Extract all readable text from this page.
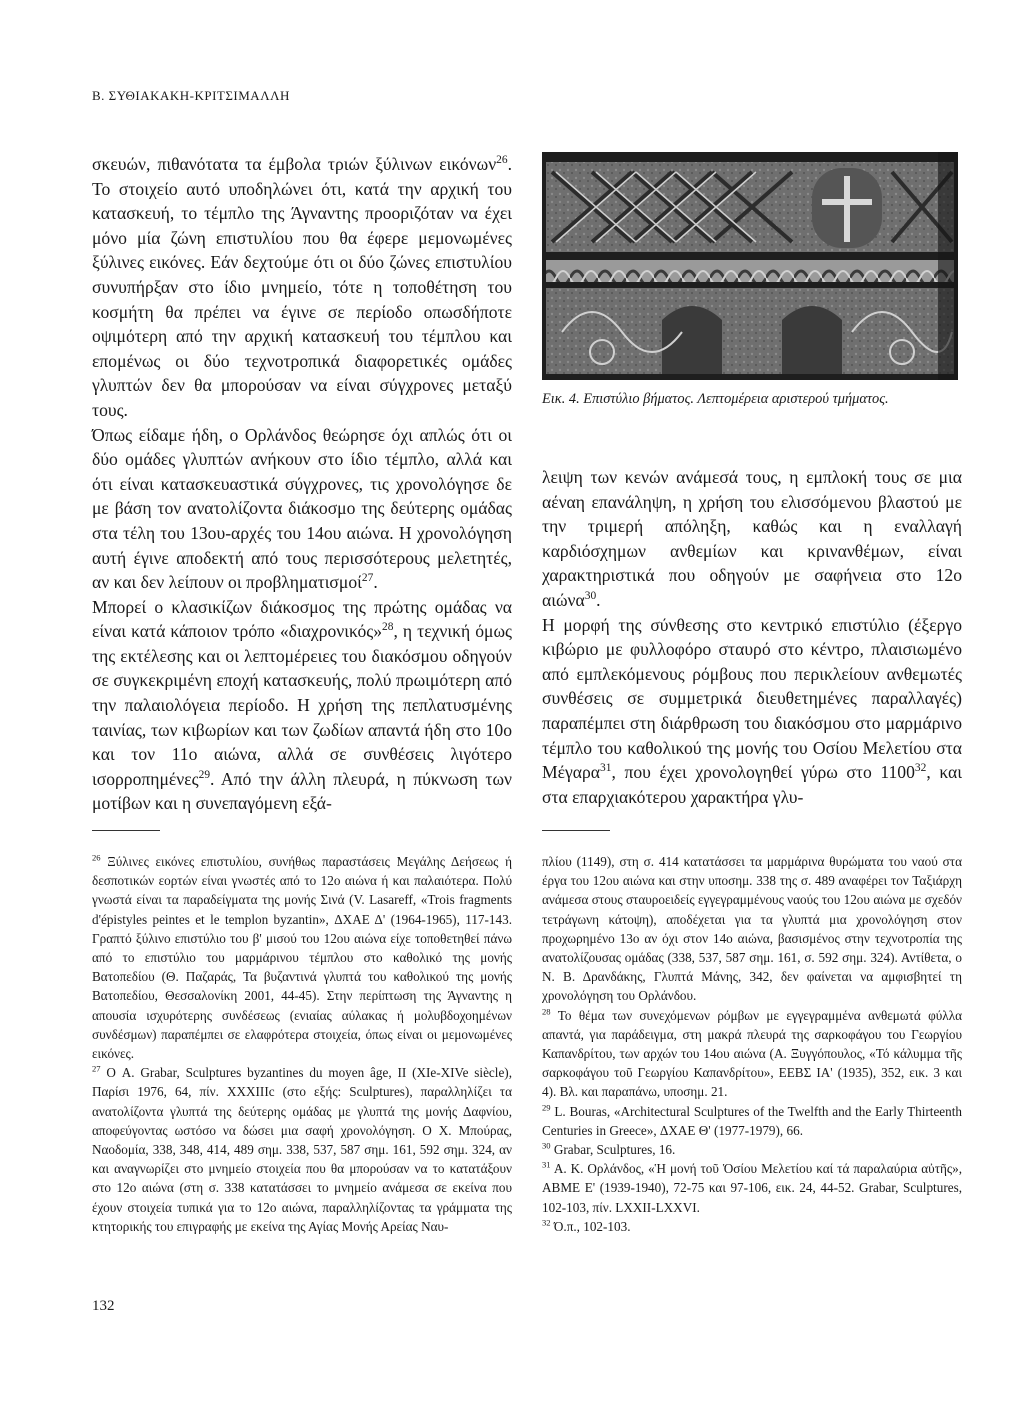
Β. ΣΥΘΙΑΚΑΚΗ-ΚΡΙΤΣΙΜΑΛΛΗ

σκευών, πιθανότατα τα έμβολα τριών ξύλινων εικόνων$^{26}$. Το στοιχείο αυτό υποδηλώνει ότι, κατά την αρχική του κατασκευή, το τέμπλο της Άγναντης προοριζόταν να έχει μόνο μία ζώνη επιστυλίου που θα έφερε μεμονωμένες ξύλινες εικόνες. Εάν δεχτούμε ότι οι δύο ζώνες επιστυλίου συνυπήρξαν στο ίδιο μνημείο, τότε η τοποθέτηση του κοσμήτη θα πρέπει να έγινε σε περίοδο οπωσδήποτε οψιμότερη από την αρχική κατασκευή του τέμπλου και επομένως οι δύο τεχνοτροπικά διαφορετικές ομάδες γλυπτών δεν θα μπορούσαν να είναι σύγχρονες μεταξύ τους.

Όπως είδαμε ήδη, ο Ορλάνδος θεώρησε όχι απλώς ότι οι δύο ομάδες γλυπτών ανήκουν στο ίδιο τέμπλο, αλλά και ότι είναι κατασκευαστικά σύγχρονες, τις χρονολόγησε δε με βάση τον ανατολίζοντα διάκοσμο της δεύτερης ομάδας στα τέλη του 13ου-αρχές του 14ου αιώνα. Η χρονολόγηση αυτή έγινε αποδεκτή από τους περισσότερους μελετητές, αν και δεν λείπουν οι προβληματισμοί$^{27}$.

Μπορεί ο κλασικίζων διάκοσμος της πρώτης ομάδας να είναι κατά κάποιον τρόπο «διαχρονικός»$^{28}$, η τεχνική όμως της εκτέλεσης και οι λεπτομέρειες του διακόσμου οδηγούν σε συγκεκριμένη εποχή κατασκευής, πολύ πρωιμότερη από την παλαιολόγεια περίοδο. Η χρήση της πεπλατυσμένης ταινίας, των κιβωρίων και των ζωδίων απαντά ήδη στο 10ο και τον 11ο αιώνα, αλλά σε συνθέσεις λιγότερο ισορροπημένες$^{29}$. Από την άλλη πλευρά, η πύκνωση των μοτίβων και η συνεπαγόμενη εξά-

Εικ. 4. Επιστύλιο βήματος. Λεπτομέρεια αριστερού τμήματος.

λειψη των κενών ανάμεσά τους, η εμπλοκή τους σε μια αέναη επανάληψη, η χρήση του ελισσόμενου βλαστού με την τριμερή απόληξη, καθώς και η εναλλαγή καρδιόσχημων ανθεμίων και κρινανθέμων, είναι χαρακτηριστικά που οδηγούν με σαφήνεια στο 12ο αιώνα$^{30}$.

Η μορφή της σύνθεσης στο κεντρικό επιστύλιο (έξεργο κιβώριο με φυλλοφόρο σταυρό στο κέντρο, πλαισιωμένο από εμπλεκόμενους ρόμβους που περικλείουν ανθεμωτές συνθέσεις σε συμμετρικά διευθετημένες παραλλαγές) παραπέμπει στη διάρθρωση του διακόσμου στο μαρμάρινο τέμπλο του καθολικού της μονής του Οσίου Μελετίου στα Μέγαρα$^{31}$, που έχει χρονολογηθεί γύρω στο 1100$^{32}$, και στα επαρχιακότερου χαρακτήρα γλυ-

$^{26}$ Ξύλινες εικόνες επιστυλίου, συνήθως παραστάσεις Μεγάλης Δεήσεως ή δεσποτικών εορτών είναι γνωστές από το 12ο αιώνα ή και παλαιότερα. Πολύ γνωστά είναι τα παραδείγματα της μονής Σινά (V. Lasareff, «Trois fragments d'épistyles peintes et le templon byzantin», ΔΧΑΕ Δ' (1964-1965), 117-143. Γραπτό ξύλινο επιστύλιο του β' μισού του 12ου αιώνα είχε τοποθετηθεί πάνω από το επιστύλιο του μαρμάρινου τέμπλου στο καθολικό της μονής Βατοπεδίου (Θ. Παζαράς, Τα βυζαντινά γλυπτά του καθολικού της μονής Βατοπεδίου, Θεσσαλονίκη 2001, 44-45). Στην περίπτωση της Άγναντης η απουσία ισχυρότερης συνδέσεως (ενιαίας αύλακας ή μολυβδοχοημένων συνδέσμων) παραπέμπει σε ελαφρότερα στοιχεία, όπως είναι οι μεμονωμένες εικόνες.

$^{27}$ Ο A. Grabar, Sculptures byzantines du moyen âge, II (XIe-XIVe siècle), Παρίσι 1976, 64, πίν. XXXIIIc (στο εξής: Sculptures), παραλληλίζει τα ανατολίζοντα γλυπτά της δεύτερης ομάδας με γλυπτά της μονής Δαφνίου, αποφεύγοντας ωστόσο να δώσει μια σαφή χρονολόγηση. Ο Χ. Μπούρας, Ναοδομία, 338, 348, 414, 489 σημ. 338, 537, 587 σημ. 161, 592 σημ. 324, αν και αναγνωρίζει στο μνημείο στοιχεία που θα μπορούσαν να το κατατάξουν στο 12ο αιώνα (στη σ. 338 κατατάσσει το μνημείο ανάμεσα σε εκείνα που έχουν στοιχεία τυπικά για το 12ο αιώνα, παραλληλίζοντας τα γράμματα της κτητορικής του επιγραφής με εκείνα της Αγίας Μονής Αρείας Ναυ-

πλίου (1149), στη σ. 414 κατατάσσει τα μαρμάρινα θυρώματα του ναού στα έργα του 12ου αιώνα και στην υποσημ. 338 της σ. 489 αναφέρει τον Ταξιάρχη ανάμεσα στους σταυροειδείς εγγεγραμμένους ναούς του 12ου αιώνα με σχεδόν τετράγωνη κάτοψη), αποδέχεται για τα γλυπτά μια χρονολόγηση στον προχωρημένο 13ο αν όχι στον 14ο αιώνα, βασισμένος στην τεχνοτροπία της ανατολίζουσας ομάδας (338, 537, 587 σημ. 161, σ. 592 σημ. 324). Αντίθετα, ο Ν. Β. Δρανδάκης, Γλυπτά Μάνης, 342, δεν φαίνεται να αμφισβητεί τη χρονολόγηση του Ορλάνδου.

$^{28}$ Το θέμα των συνεχόμενων ρόμβων με εγγεγραμμένα ανθεμωτά φύλλα απαντά, για παράδειγμα, στη μακρά πλευρά της σαρκοφάγου του Γεωργίου Καπανδρίτου, των αρχών του 14ου αιώνα (Α. Ξυγγόπουλος, «Τό κάλυμμα τῆς σαρκοφάγου τοῦ Γεωργίου Καπανδρίτου», ΕΕΒΣ ΙΑ' (1935), 352, εικ. 3 και 4). Βλ. και παραπάνω, υποσημ. 21.

$^{29}$ L. Bouras, «Architectural Sculptures of the Twelfth and the Early Thirteenth Centuries in Greece», ΔΧΑΕ Θ' (1977-1979), 66.

$^{30}$ Grabar, Sculptures, 16.

$^{31}$ Α. Κ. Ορλάνδος, «Ἡ μονή τοῦ Ὁσίου Μελετίου καί τά παραλαύρια αὐτῆς», ΑΒΜΕ Ε' (1939-1940), 72-75 και 97-106, εικ. 24, 44-52. Grabar, Sculptures, 102-103, πίν. LXXII-LXXVI.

$^{32}$ Ό.π., 102-103.

132
